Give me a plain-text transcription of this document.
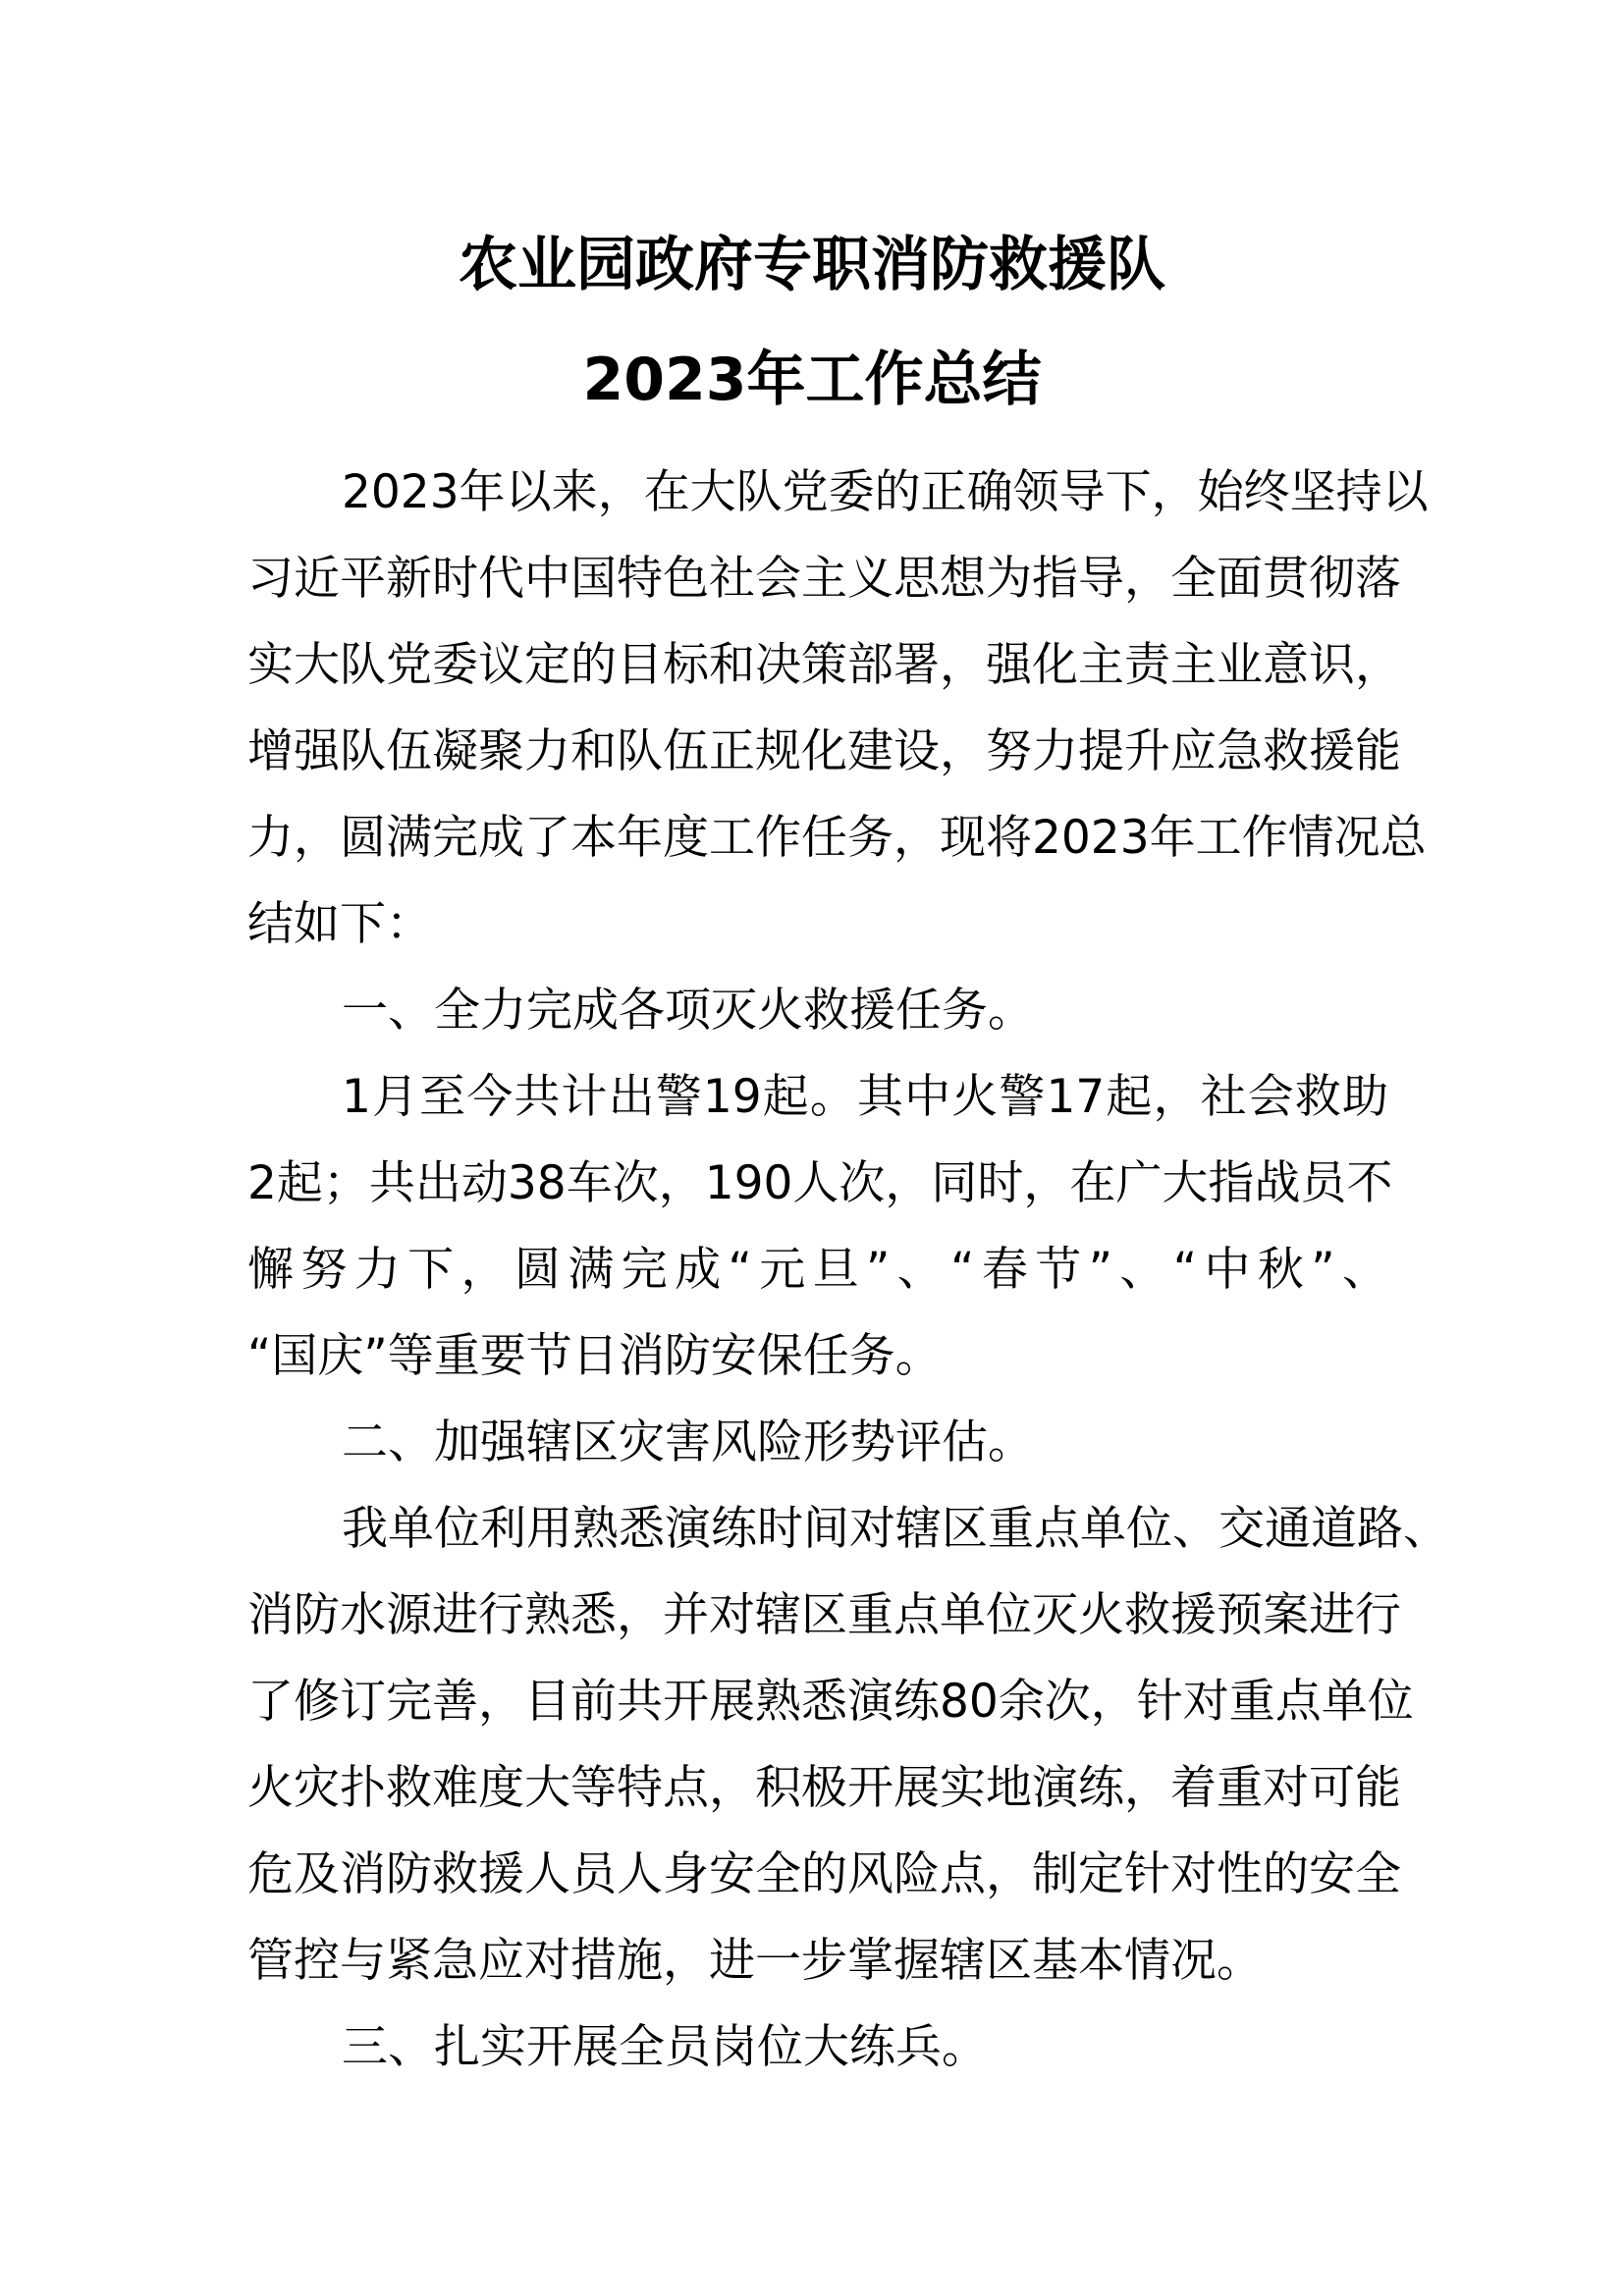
农业园政府专职消防救援队
2023年工作总结
2023年以来，在大队党委的正确领导下，始终坚持以
习近平新时代中国特色社会主义思想为指导，全面贯彻落
实大队党委议定的目标和决策部署，强化主责主业意识，
增强队伍凝聚力和队伍正规化建设，努力提升应急救援能
力，圆满完成了本年度工作任务，现将2023年工作情况总
结如下：
一、全力完成各项灭火救援任务。
1月至今共计出警19起。其中火警17起，社会救助
2起；共出动38车次，190人次，同时，在广大指战员不
懈努力下，圆满完成“元旦”、“春节”、“中秋”、
“国庆”等重要节日消防安保任务。
二、加强辖区灾害风险形势评估。
我单位利用熟悉演练时间对辖区重点单位、交通道路、
消防水源进行熟悉，并对辖区重点单位灭火救援预案进行
了修订完善，目前共开展熟悉演练80余次，针对重点单位
火灾扑救难度大等特点，积极开展实地演练，着重对可能
危及消防救援人员人身安全的风险点，制定针对性的安全
管控与紧急应对措施，进一步掌握辖区基本情况。
三、扎实开展全员岗位大练兵。
